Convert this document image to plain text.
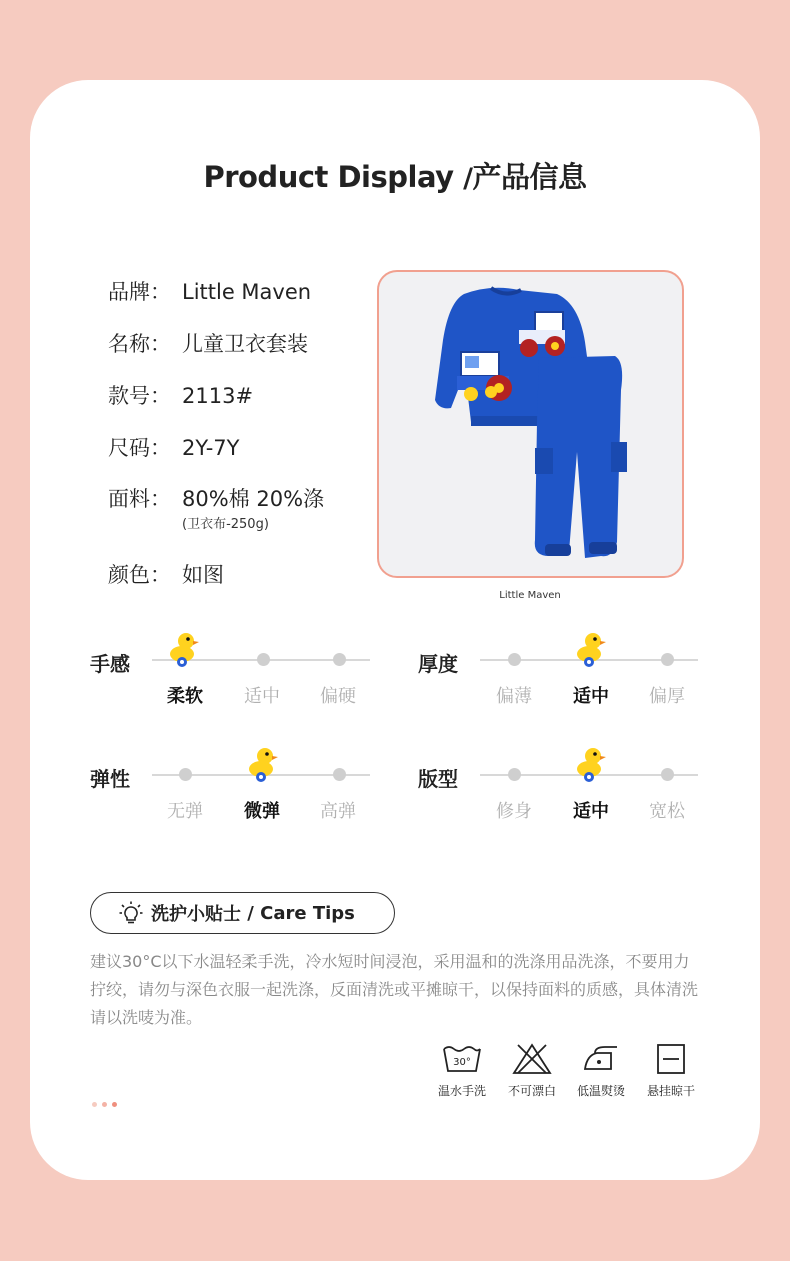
Product Display /产品信息
品牌： Little Maven
名称： 儿童卫衣套装
款号： 2113#
尺码： 2Y-7Y
面料： 80%棉 20%涤
(卫衣布-250g)
颜色： 如图
Little Maven
手感
柔软	适中	偏硬
厚度
偏薄	适中	偏厚
弹性
无弹	微弹	高弹
版型
修身	适中	宽松
洗护小贴士
/
Care Tips
建议30°C以下水温轻柔手洗，冷水短时间浸泡，采用温和的洗涤用品洗涤，不要用力拧绞，请勿与深色衣服一起洗涤，反面清洗或平摊晾干，以保持面料的质感，具体清洗请以洗唛为准。
30°
温水手洗	不可漂白	低温熨烫	悬挂晾干
